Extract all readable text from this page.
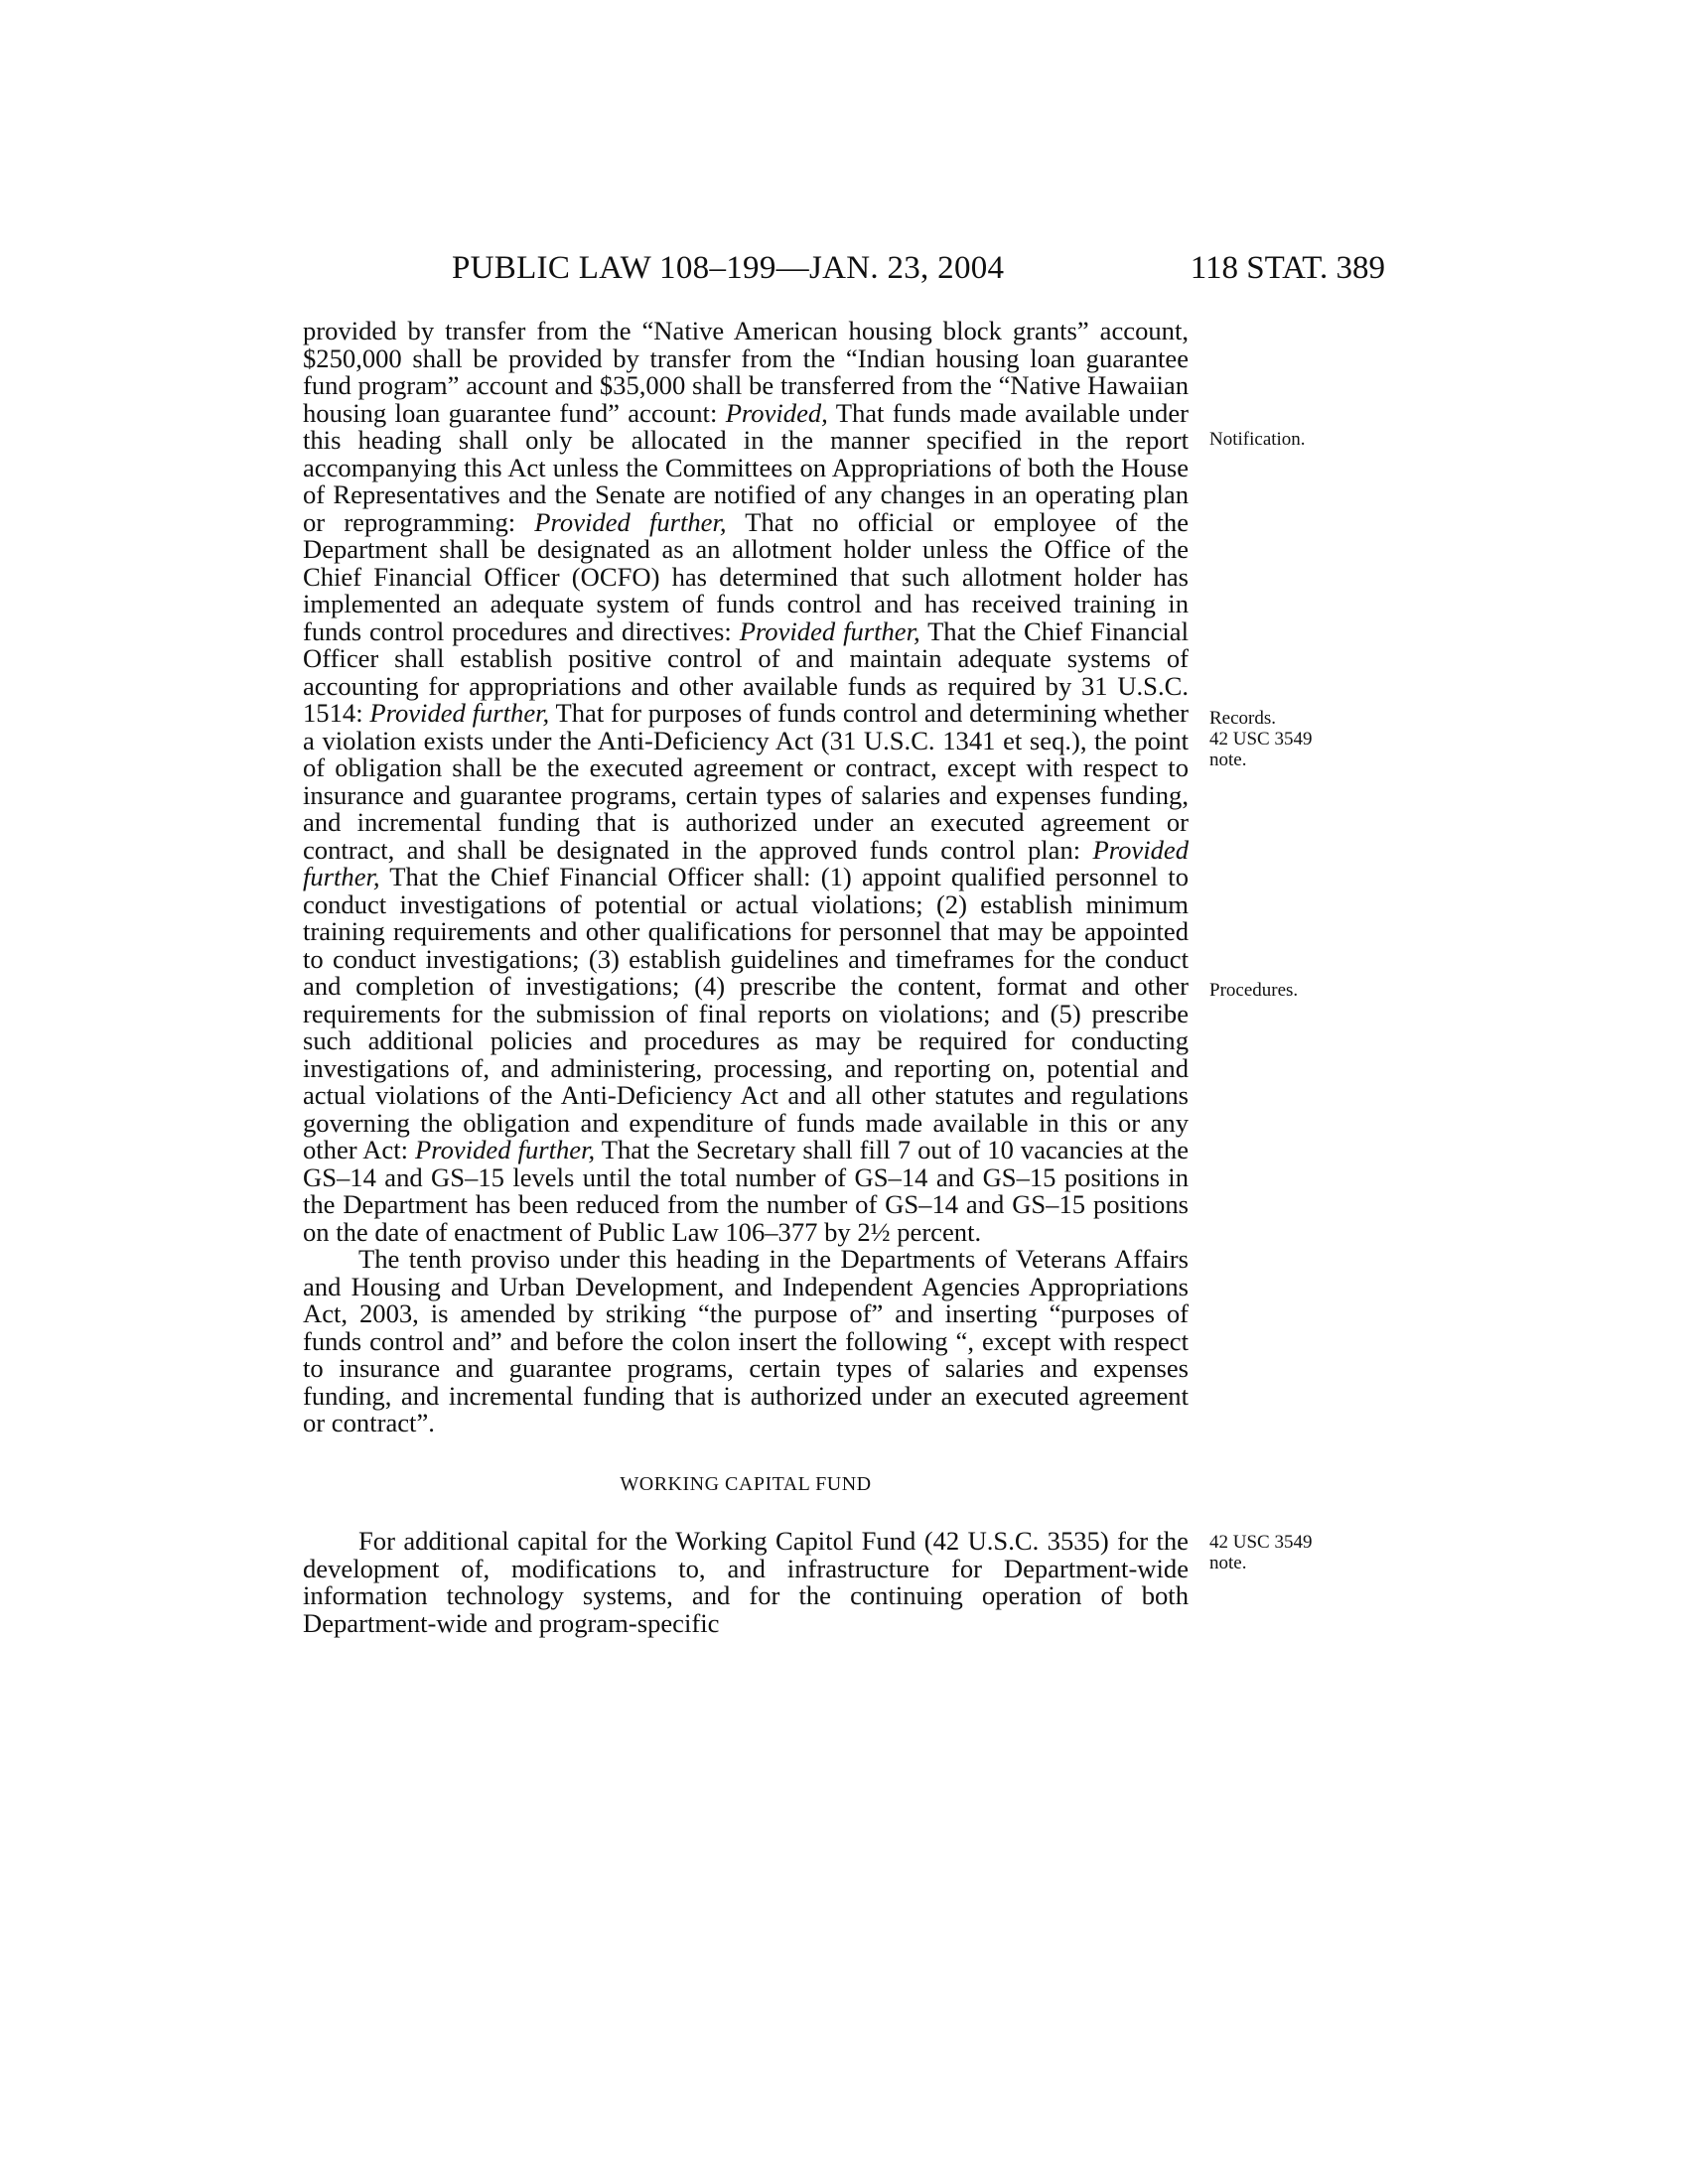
PUBLIC LAW 108–199—JAN. 23, 2004	118 STAT. 389

provided by transfer from the “Native American housing block grants” account, $250,000 shall be provided by transfer from the “Indian housing loan guarantee fund program” account and $35,000 shall be transferred from the “Native Hawaiian housing loan guarantee fund” account: Provided, That funds made available under this heading shall only be allocated in the manner specified in the report accompanying this Act unless the Committees on Appropriations of both the House of Representatives and the Senate are notified of any changes in an operating plan or reprogramming: Provided further, That no official or employee of the Department shall be designated as an allotment holder unless the Office of the Chief Financial Officer (OCFO) has determined that such allotment holder has implemented an adequate system of funds control and has received training in funds control procedures and directives: Provided further, That the Chief Financial Officer shall establish positive control of and maintain adequate systems of accounting for appropriations and other available funds as required by 31 U.S.C. 1514: Provided further, That for purposes of funds control and determining whether a violation exists under the Anti-Deficiency Act (31 U.S.C. 1341 et seq.), the point of obligation shall be the executed agreement or contract, except with respect to insurance and guarantee programs, certain types of salaries and expenses funding, and incremental funding that is authorized under an executed agreement or contract, and shall be designated in the approved funds control plan: Provided further, That the Chief Financial Officer shall: (1) appoint qualified personnel to conduct investigations of potential or actual violations; (2) establish minimum training requirements and other qualifications for personnel that may be appointed to conduct investigations; (3) establish guidelines and timeframes for the conduct and completion of investigations; (4) prescribe the content, format and other requirements for the submission of final reports on violations; and (5) prescribe such additional policies and procedures as may be required for conducting investigations of, and administering, processing, and reporting on, potential and actual violations of the Anti-Deficiency Act and all other statutes and regulations governing the obligation and expenditure of funds made available in this or any other Act: Provided further, That the Secretary shall fill 7 out of 10 vacancies at the GS–14 and GS–15 levels until the total number of GS–14 and GS–15 positions in the Department has been reduced from the number of GS–14 and GS–15 positions on the date of enactment of Public Law 106–377 by 2½ percent.

The tenth proviso under this heading in the Departments of Veterans Affairs and Housing and Urban Development, and Independent Agencies Appropriations Act, 2003, is amended by striking “the purpose of” and inserting “purposes of funds control and” and before the colon insert the following “, except with respect to insurance and guarantee programs, certain types of salaries and expenses funding, and incremental funding that is authorized under an executed agreement or contract”.

WORKING CAPITAL FUND

For additional capital for the Working Capitol Fund (42 U.S.C. 3535) for the development of, modifications to, and infrastructure for Department-wide information technology systems, and for the continuing operation of both Department-wide and program-specific

Notification.
Records.
42 USC 3549
note.
Procedures.
42 USC 3549
note.
